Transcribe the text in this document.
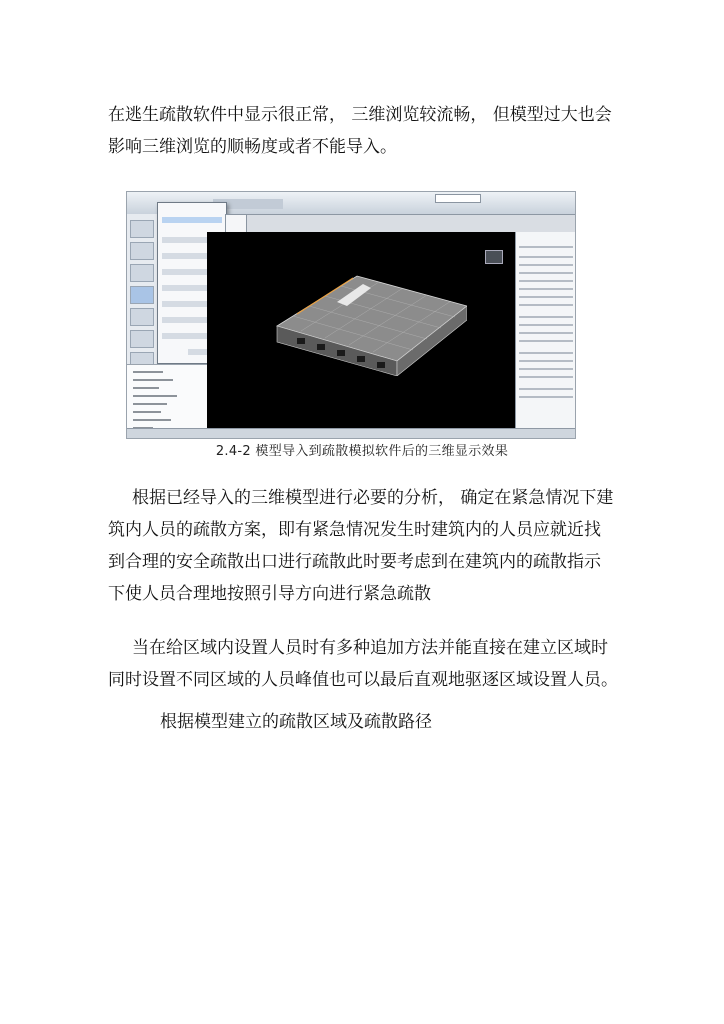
在逃生疏散软件中显示很正常， 三维浏览较流畅， 但模型过大也会
影响三维浏览的顺畅度或者不能导入。
2.4-2 模型导入到疏散模拟软件后的三维显示效果
根据已经导入的三维模型进行必要的分析， 确定在紧急情况下建
筑内人员的疏散方案，即有紧急情况发生时建筑内的人员应就近找
到合理的安全疏散出口进行疏散此时要考虑到在建筑内的疏散指示
下使人员合理地按照引导方向进行紧急疏散
当在给区域内设置人员时有多种追加方法并能直接在建立区域时
同时设置不同区域的人员峰值也可以最后直观地驱逐区域设置人员。
根据模型建立的疏散区域及疏散路径
